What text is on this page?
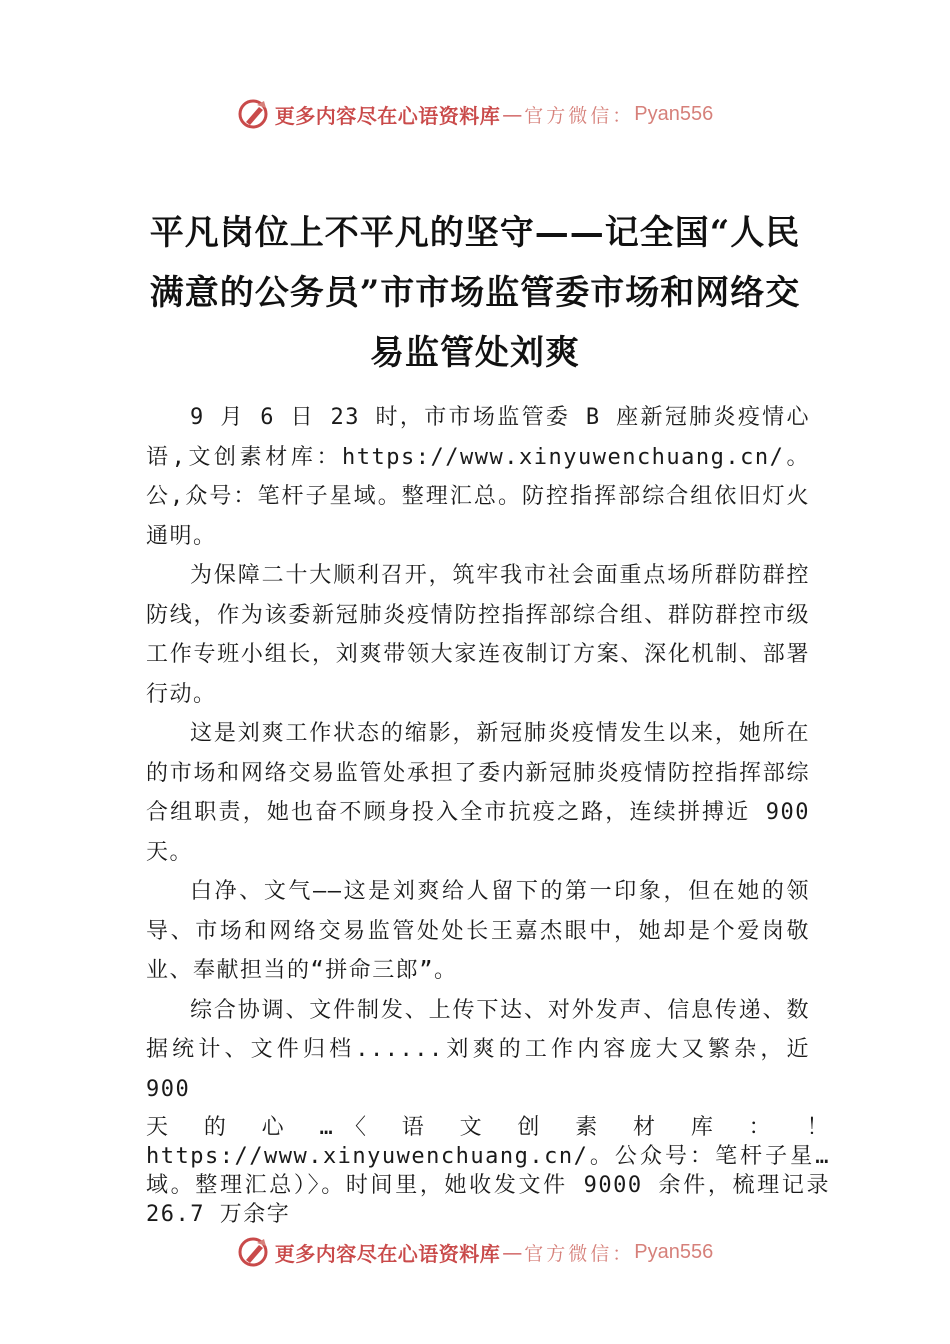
更多内容尽在心语资料库 — 官方微信： Pyan556
平凡岗位上不平凡的坚守——记全国“人民满意的公务员”市市场监管委市场和网络交易监管处刘爽

9 月 6 日 23 时，市市场监管委 B 座新冠肺炎疫情心语,文创素材库：https://www.xinyuwenchuang.cn/。公,众号：笔杆子星域。整理汇总。防控指挥部综合组依旧灯火通明。

为保障二十大顺利召开，筑牢我市社会面重点场所群防群控防线，作为该委新冠肺炎疫情防控指挥部综合组、群防群控市级工作专班小组长，刘爽带领大家连夜制订方案、深化机制、部署行动。

这是刘爽工作状态的缩影，新冠肺炎疫情发生以来，她所在的市场和网络交易监管处承担了委内新冠肺炎疫情防控指挥部综合组职责，她也奋不顾身投入全市抗疫之路，连续拼搏近 900 天。

白净、文气——这是刘爽给人留下的第一印象，但在她的领导、市场和网络交易监管处处长王嘉杰眼中，她却是个爱岗敬业、奉献担当的“拼命三郎”。

综合协调、文件制发、上传下达、对外发声、信息传递、数据统计、文件归档......刘爽的工作内容庞大又繁杂，近 900

天 的 心 …〈 语 文 创 素 材 库 ： ！ https://www.xinyuwenchuang.cn/。公众号：笔杆子星…域。整理汇总）〉。时间里，她收发文件 9000 余件，梳理记录 26.7 万余字

更多内容尽在心语资料库 — 官方微信： Pyan556
